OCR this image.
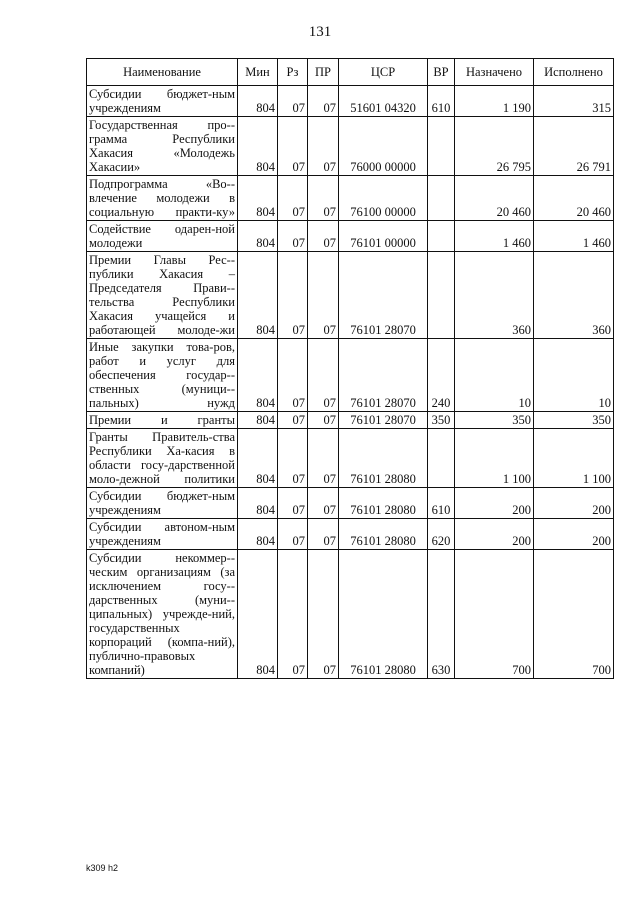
131
Наименование	Мин	Рз	ПР	ЦСР	ВР	Назначено	Исполнено
Субсидии бюджет-ным учреждениям	804	07	07	51601 04320	610	1 190	315
Государственная про-грамма Республики Хакасия «Молодежь Хакасии»	804	07	07	76000 00000		26 795	26 791
Подпрограмма «Во-влечение молодежи в социальную практи-ку»	804	07	07	76100 00000		20 460	20 460
Содействие одарен-ной молодежи	804	07	07	76101 00000		1 460	1 460
Премии Главы Рес-публики Хакасия – Председателя Прави-тельства Республики Хакасия учащейся и работающей молоде-жи	804	07	07	76101 28070		360	360
Иные закупки това-ров, работ и услуг для обеспечения государ-ственных (муници-пальных) нужд	804	07	07	76101 28070	240	10	10
Премии и гранты	804	07	07	76101 28070	350	350	350
Гранты Правитель-ства Республики Ха-касия в области госу-дарственной моло-дежной политики	804	07	07	76101 28080		1 100	1 100
Субсидии бюджет-ным учреждениям	804	07	07	76101 28080	610	200	200
Субсидии автоном-ным учреждениям	804	07	07	76101 28080	620	200	200
Субсидии некоммер-ческим организациям (за исключением госу-дарственных (муни-ципальных) учрежде-ний, государственных корпораций (компа-ний), публично-правовых компаний)	804	07	07	76101 28080	630	700	700
k309 h2
